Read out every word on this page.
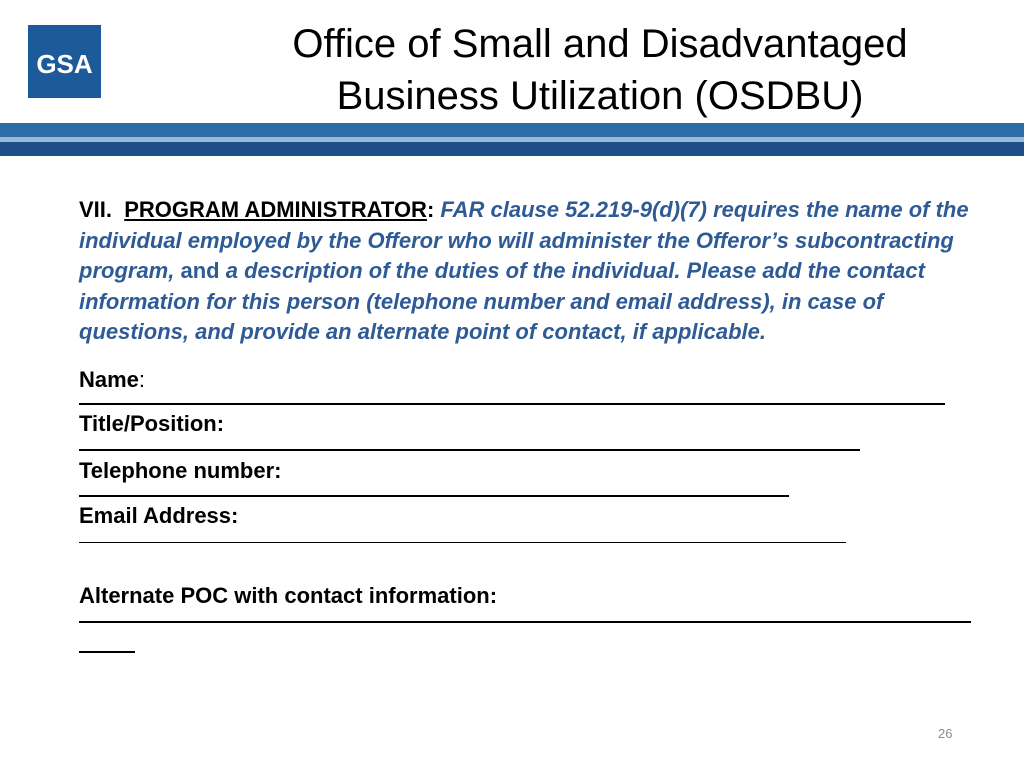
GSA	Office of Small and Disadvantaged
Business Utilization (OSDBU)

VII. PROGRAM ADMINISTRATOR: FAR clause 52.219-9(d)(7) requires the name of the individual employed by the Offeror who will administer the Offeror’s subcontracting program, and a description of the duties of the individual. Please add the contact information for this person (telephone number and email address), in case of questions, and provide an alternate point of contact, if applicable.

Name:

Title/Position:

Telephone number:

Email Address:

Alternate POC with contact information:

26
